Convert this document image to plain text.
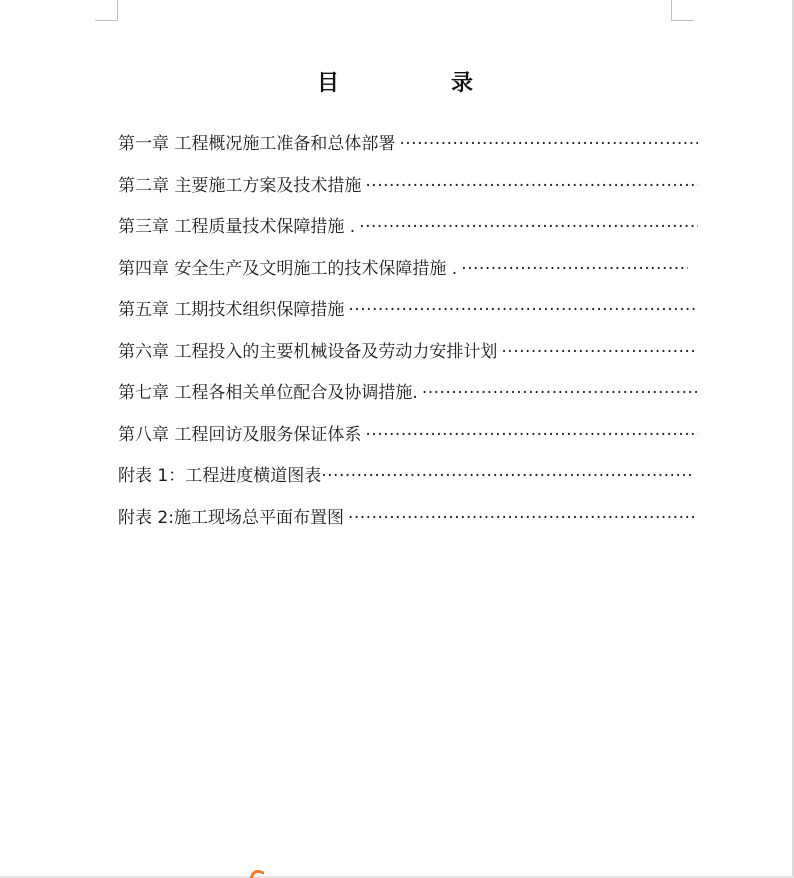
目	录
第一章 工程概况施工准备和总体部署
·····
第二章 主要施工方案及技术措施
·····
第三章 工程质量技术保障措施 .
·····
第四章 安全生产及文明施工的技术保障措施 .
·····
第五章 工期技术组织保障措施
·····
第六章 工程投入的主要机械设备及劳动力安排计划
·····
第七章 工程各相关单位配合及协调措施.
·····
第八章 工程回访及服务保证体系
·····
附表 1：工程进度横道图表
·····
附表 2:施工现场总平面布置图
·····
